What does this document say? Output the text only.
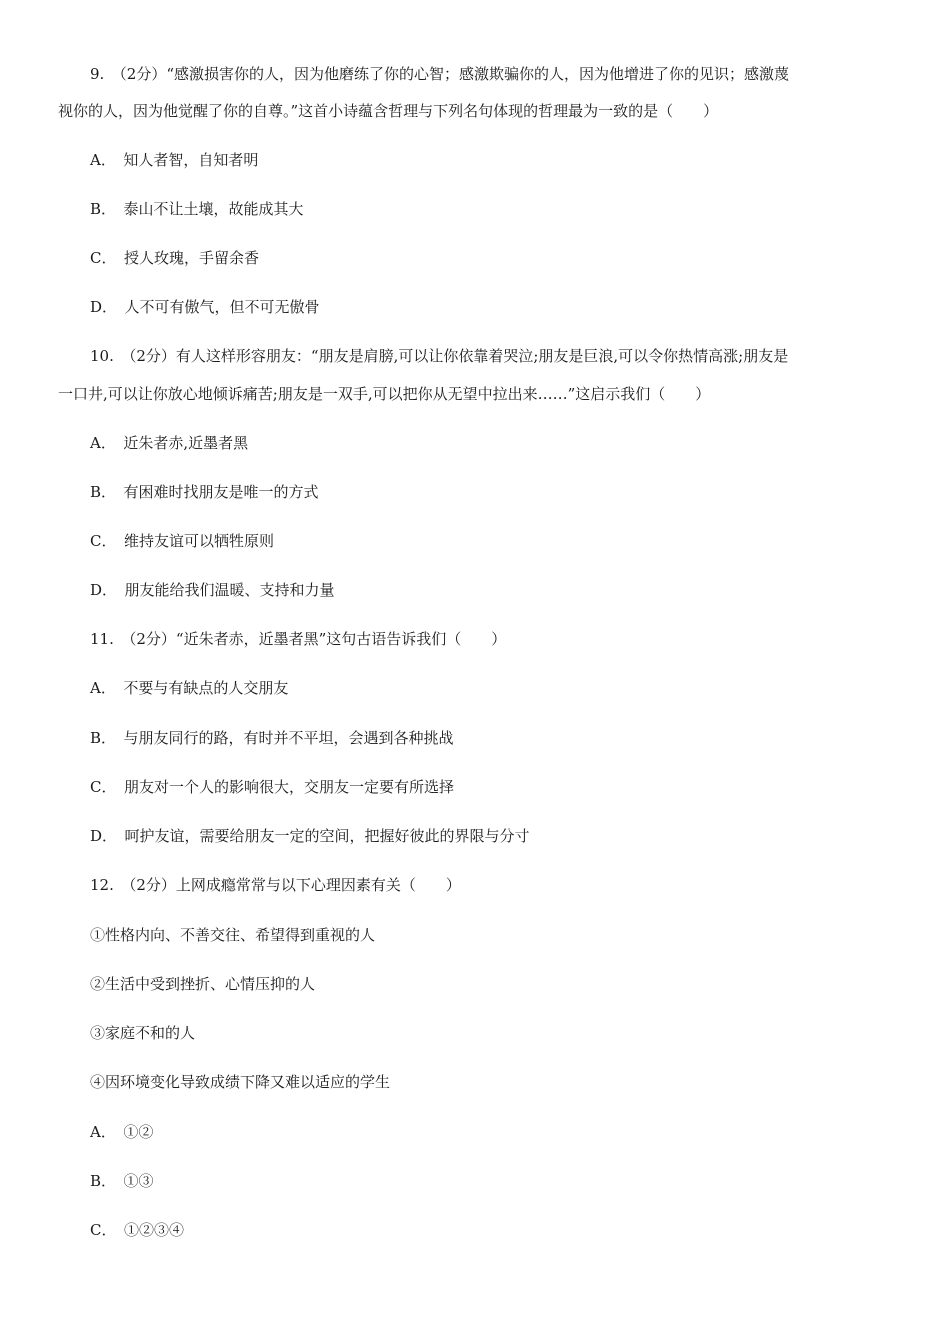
9.　（2分）“感激损害你的人，因为他磨练了你的心智；感激欺骗你的人，因为他增进了你的见识；感激蔑
视你的人，因为他觉醒了你的自尊。”这首小诗蕴含哲理与下列名句体现的哲理最为一致的是（　　）
A．　知人者智，自知者明
B．　泰山不让土壤，故能成其大
C．　授人玫瑰，手留余香
D．　人不可有傲气，但不可无傲骨
10.　（2分）有人这样形容朋友：“朋友是肩膀,可以让你依靠着哭泣;朋友是巨浪,可以令你热情高涨;朋友是
一口井,可以让你放心地倾诉痛苦;朋友是一双手,可以把你从无望中拉出来……”这启示我们（　　）
A．　近朱者赤,近墨者黑
B．　有困难时找朋友是唯一的方式
C．　维持友谊可以牺牲原则
D．　朋友能给我们温暖、支持和力量
11.　（2分）“近朱者赤，近墨者黑”这句古语告诉我们（　　）
A．　不要与有缺点的人交朋友
B．　与朋友同行的路，有时并不平坦，会遇到各种挑战
C．　朋友对一个人的影响很大，交朋友一定要有所选择
D．　呵护友谊，需要给朋友一定的空间，把握好彼此的界限与分寸
12.　（2分）上网成瘾常常与以下心理因素有关（　　）
①性格内向、不善交往、希望得到重视的人
②生活中受到挫折、心情压抑的人
③家庭不和的人
④因环境变化导致成绩下降又难以适应的学生
A．　①②
B．　①③
C．　①②③④
